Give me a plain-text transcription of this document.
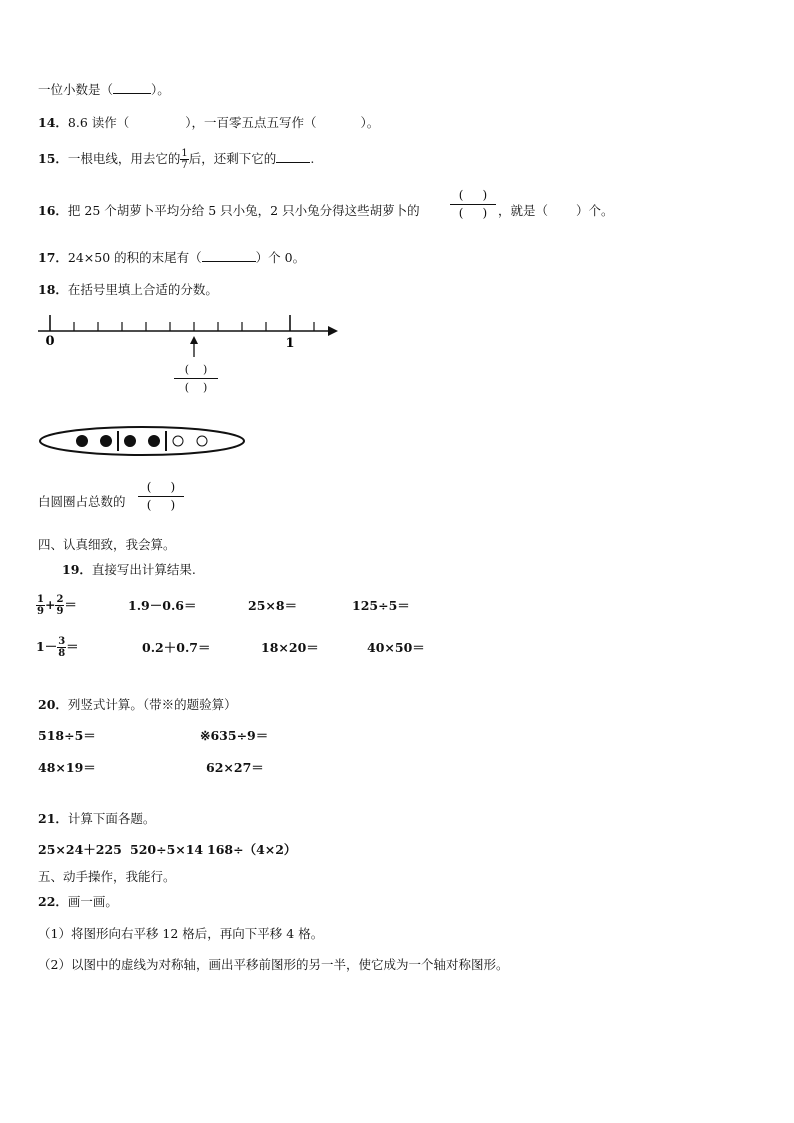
一位小数是（	）。
14．8.6 读作（	），一百零五点五写作（	）。
15．一根电线，用去它的 $\frac{1}{7}$ 后，还剩下它的	.
16．把 25 个胡萝卜平均分给 5 只小兔，2 只小兔分得这些胡萝卜的
( )
( ) ，就是（ ）个。
17．24×50 的积的末尾有（	）个 0。
18．在括号里填上合适的分数。
0	1
( )
( )
白圆圈占总数的
( )
( )
四、认真细致，我会算。
19．直接写出计算结果.
$\frac{1}{9} + \frac{2}{9}$ ＝	1.9－0.6＝	25×8＝	125÷5＝
$1- \frac{3}{8}$ ＝	0.2＋0.7＝	18×20＝	40×50＝
20．列竖式计算。（带※的题验算）
518÷5＝	※635÷9＝
48×19＝	62×27＝
21．计算下面各题。
25×24＋225 520÷5×14 168÷（4×2）
五、动手操作，我能行。
22．画一画。
（1）将图形向右平移 12 格后，再向下平移 4 格。
（2）以图中的虚线为对称轴，画出平移前图形的另一半，使它成为一个轴对称图形。
